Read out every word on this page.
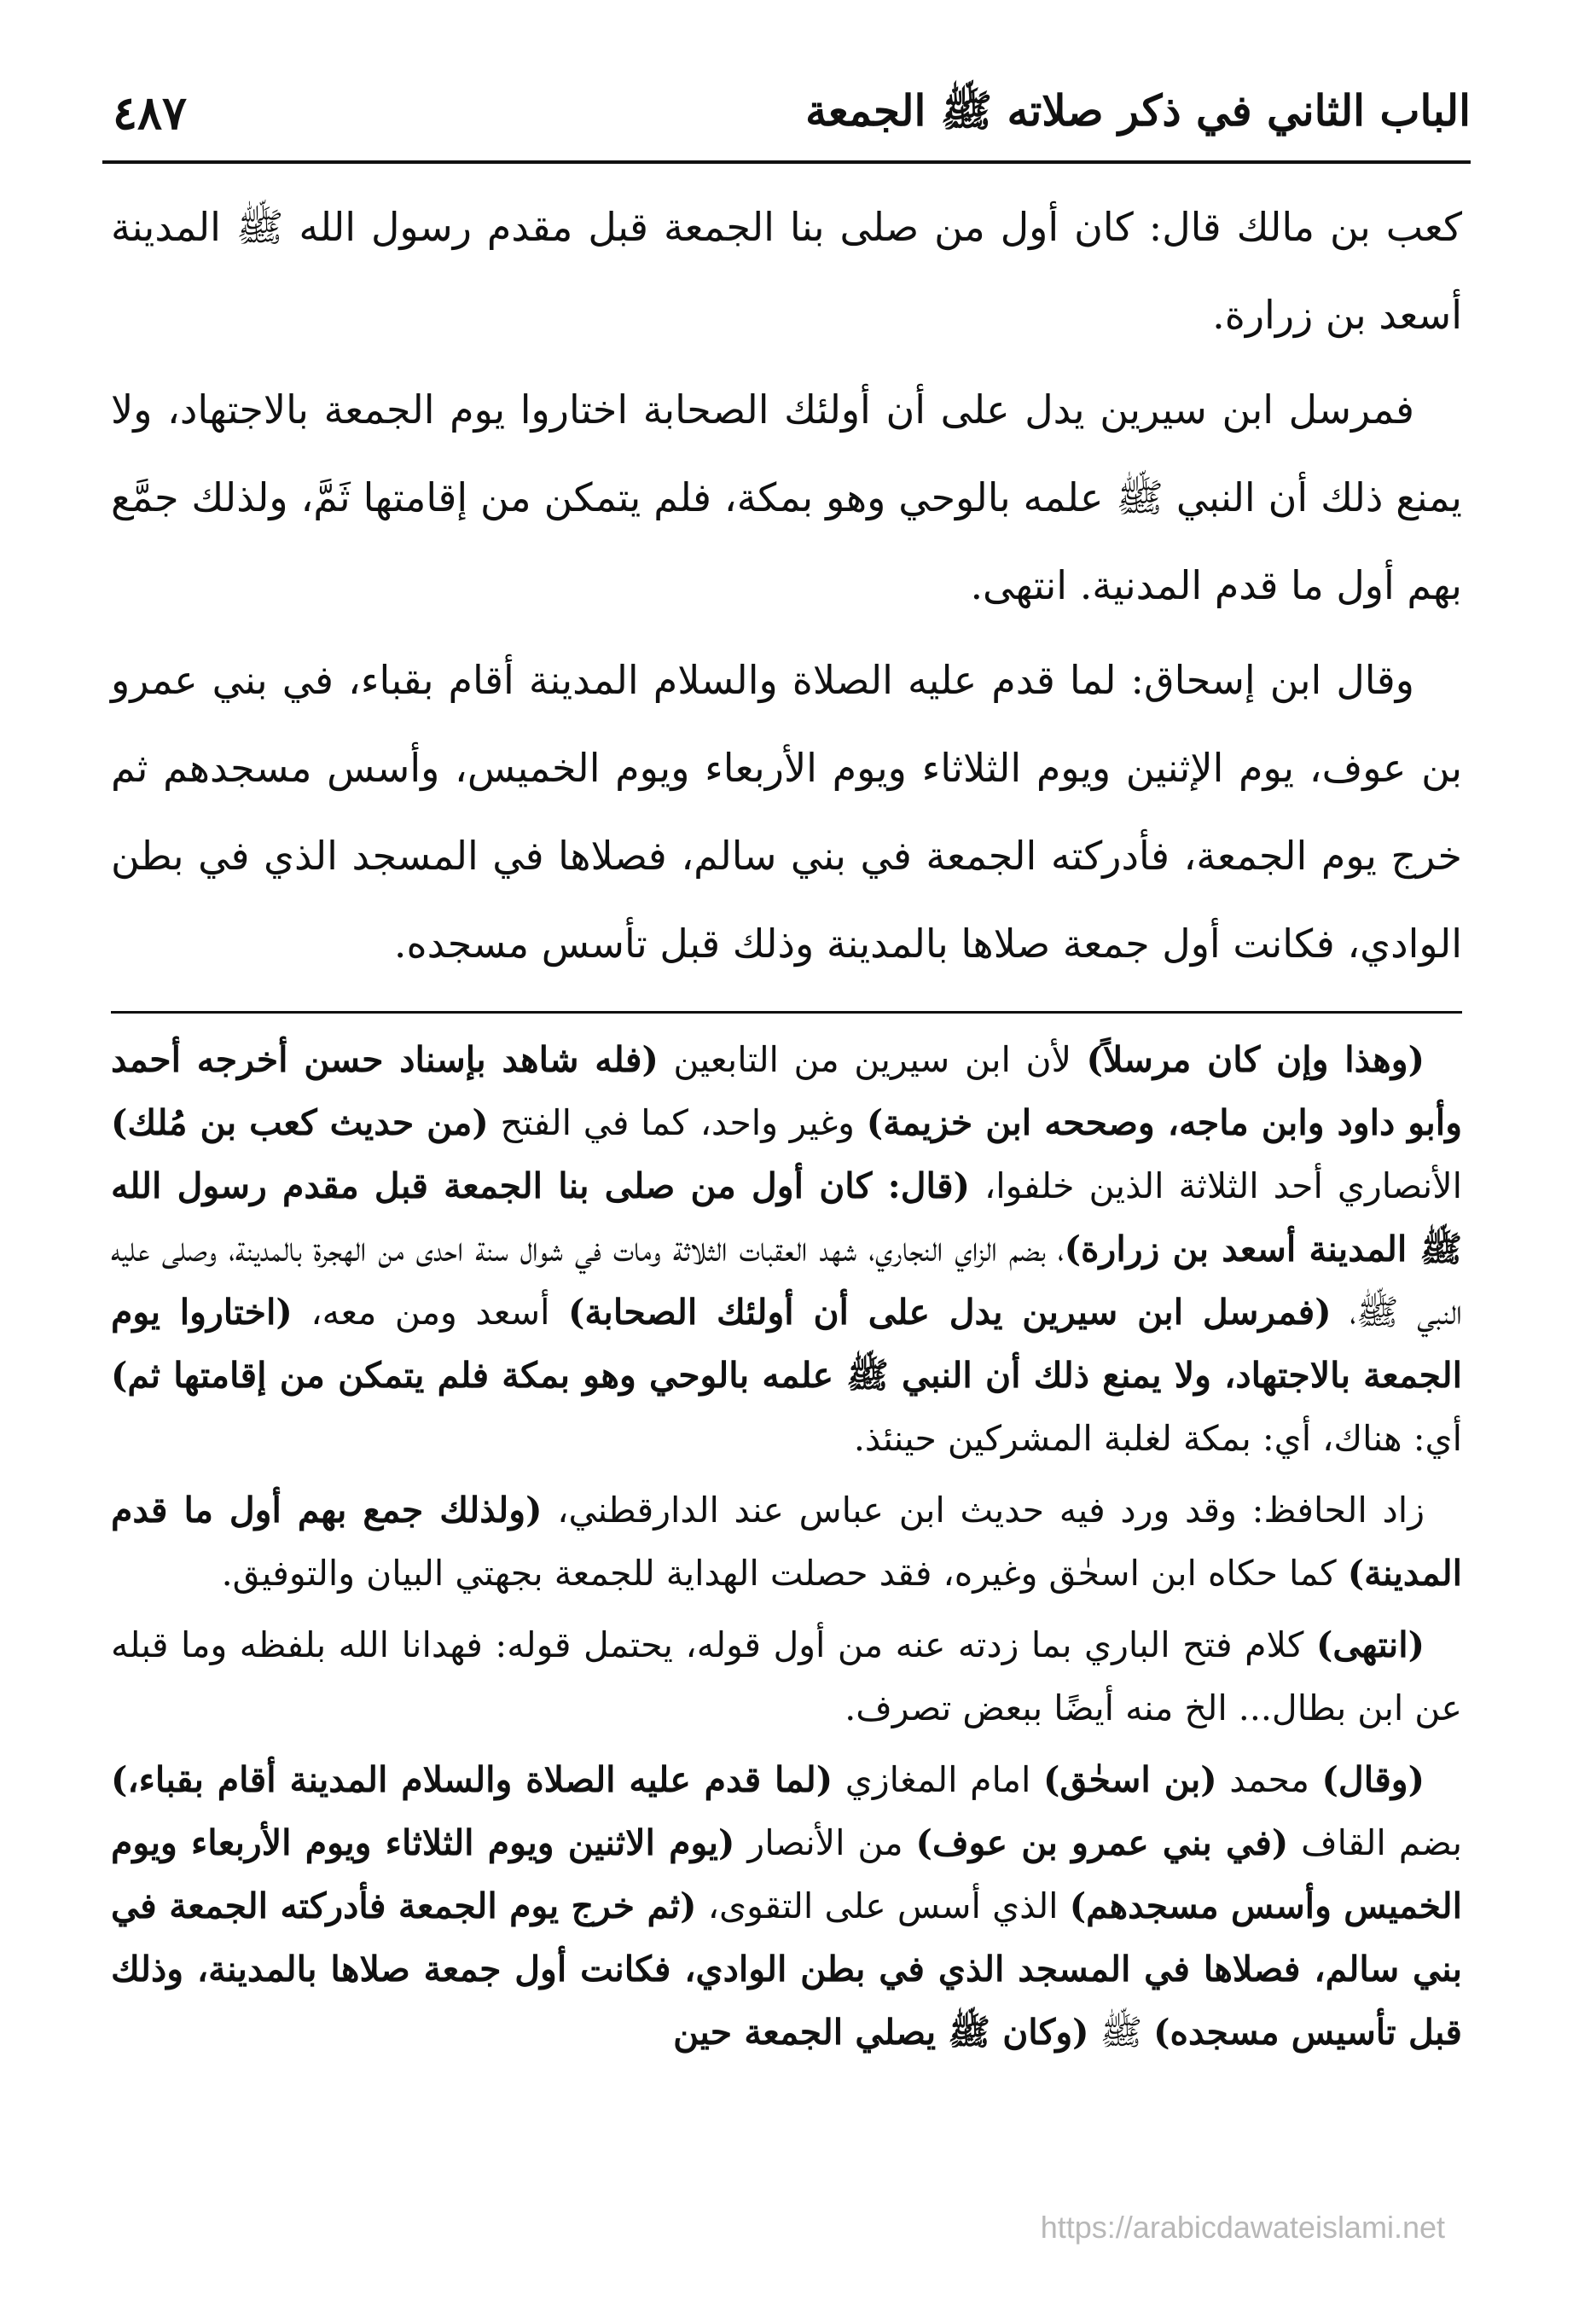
الباب الثاني في ذكر صلاته ﷺ الجمعة
٤٨٧

كعب بن مالك قال: كان أول من صلى بنا الجمعة قبل مقدم رسول الله ﷺ المدينة أسعد بن زرارة.

فمرسل ابن سيرين يدل على أن أولئك الصحابة اختاروا يوم الجمعة بالاجتهاد، ولا يمنع ذلك أن النبي ﷺ علمه بالوحي وهو بمكة، فلم يتمكن من إقامتها ثَمَّ، ولذلك جمَّع بهم أول ما قدم المدنية. انتهى.

وقال ابن إسحاق: لما قدم عليه الصلاة والسلام المدينة أقام بقباء، في بني عمرو بن عوف، يوم الإثنين ويوم الثلاثاء ويوم الأربعاء ويوم الخميس، وأسس مسجدهم ثم خرج يوم الجمعة، فأدركته الجمعة في بني سالم، فصلاها في المسجد الذي في بطن الوادي، فكانت أول جمعة صلاها بالمدينة وذلك قبل تأسس مسجده.

(وهذا وإن كان مرسلاً) لأن ابن سيرين من التابعين (فله شاهد بإسناد حسن أخرجه أحمد وأبو داود وابن ماجه، وصححه ابن خزيمة) وغير واحد، كما في الفتح (من حديث كعب بن مُلك) الأنصاري أحد الثلاثة الذين خلفوا، (قال: كان أول من صلى بنا الجمعة قبل مقدم رسول الله ﷺ المدينة أسعد بن زرارة)، بضم الزاي النجاري، شهد العقبات الثلاثة ومات في شوال سنة احدى من الهجرة بالمدينة، وصلى عليه النبي ﷺ، (فمرسل ابن سيرين يدل على أن أولئك الصحابة) أسعد ومن معه، (اختاروا يوم الجمعة بالاجتهاد، ولا يمنع ذلك أن النبي ﷺ علمه بالوحي وهو بمكة فلم يتمكن من إقامتها ثم) أي: هناك، أي: بمكة لغلبة المشركين حينئذ.

زاد الحافظ: وقد ورد فيه حديث ابن عباس عند الدارقطني، (ولذلك جمع بهم أول ما قدم المدينة) كما حكاه ابن اسحٰق وغيره، فقد حصلت الهداية للجمعة بجهتي البيان والتوفيق.

(انتهى) كلام فتح الباري بما زدته عنه من أول قوله، يحتمل قوله: فهدانا الله بلفظه وما قبله عن ابن بطال... الخ منه أيضًا ببعض تصرف.

(وقال) محمد (بن اسحٰق) امام المغازي (لما قدم عليه الصلاة والسلام المدينة أقام بقباء،) بضم القاف (في بني عمرو بن عوف) من الأنصار (يوم الاثنين ويوم الثلاثاء ويوم الأربعاء ويوم الخميس وأسس مسجدهم) الذي أسس على التقوى، (ثم خرج يوم الجمعة فأدركته الجمعة في بني سالم، فصلاها في المسجد الذي في بطن الوادي، فكانت أول جمعة صلاها بالمدينة، وذلك قبل تأسيس مسجده) ﷺ (وكان ﷺ يصلي الجمعة حين

https://arabicdawateislami.net
